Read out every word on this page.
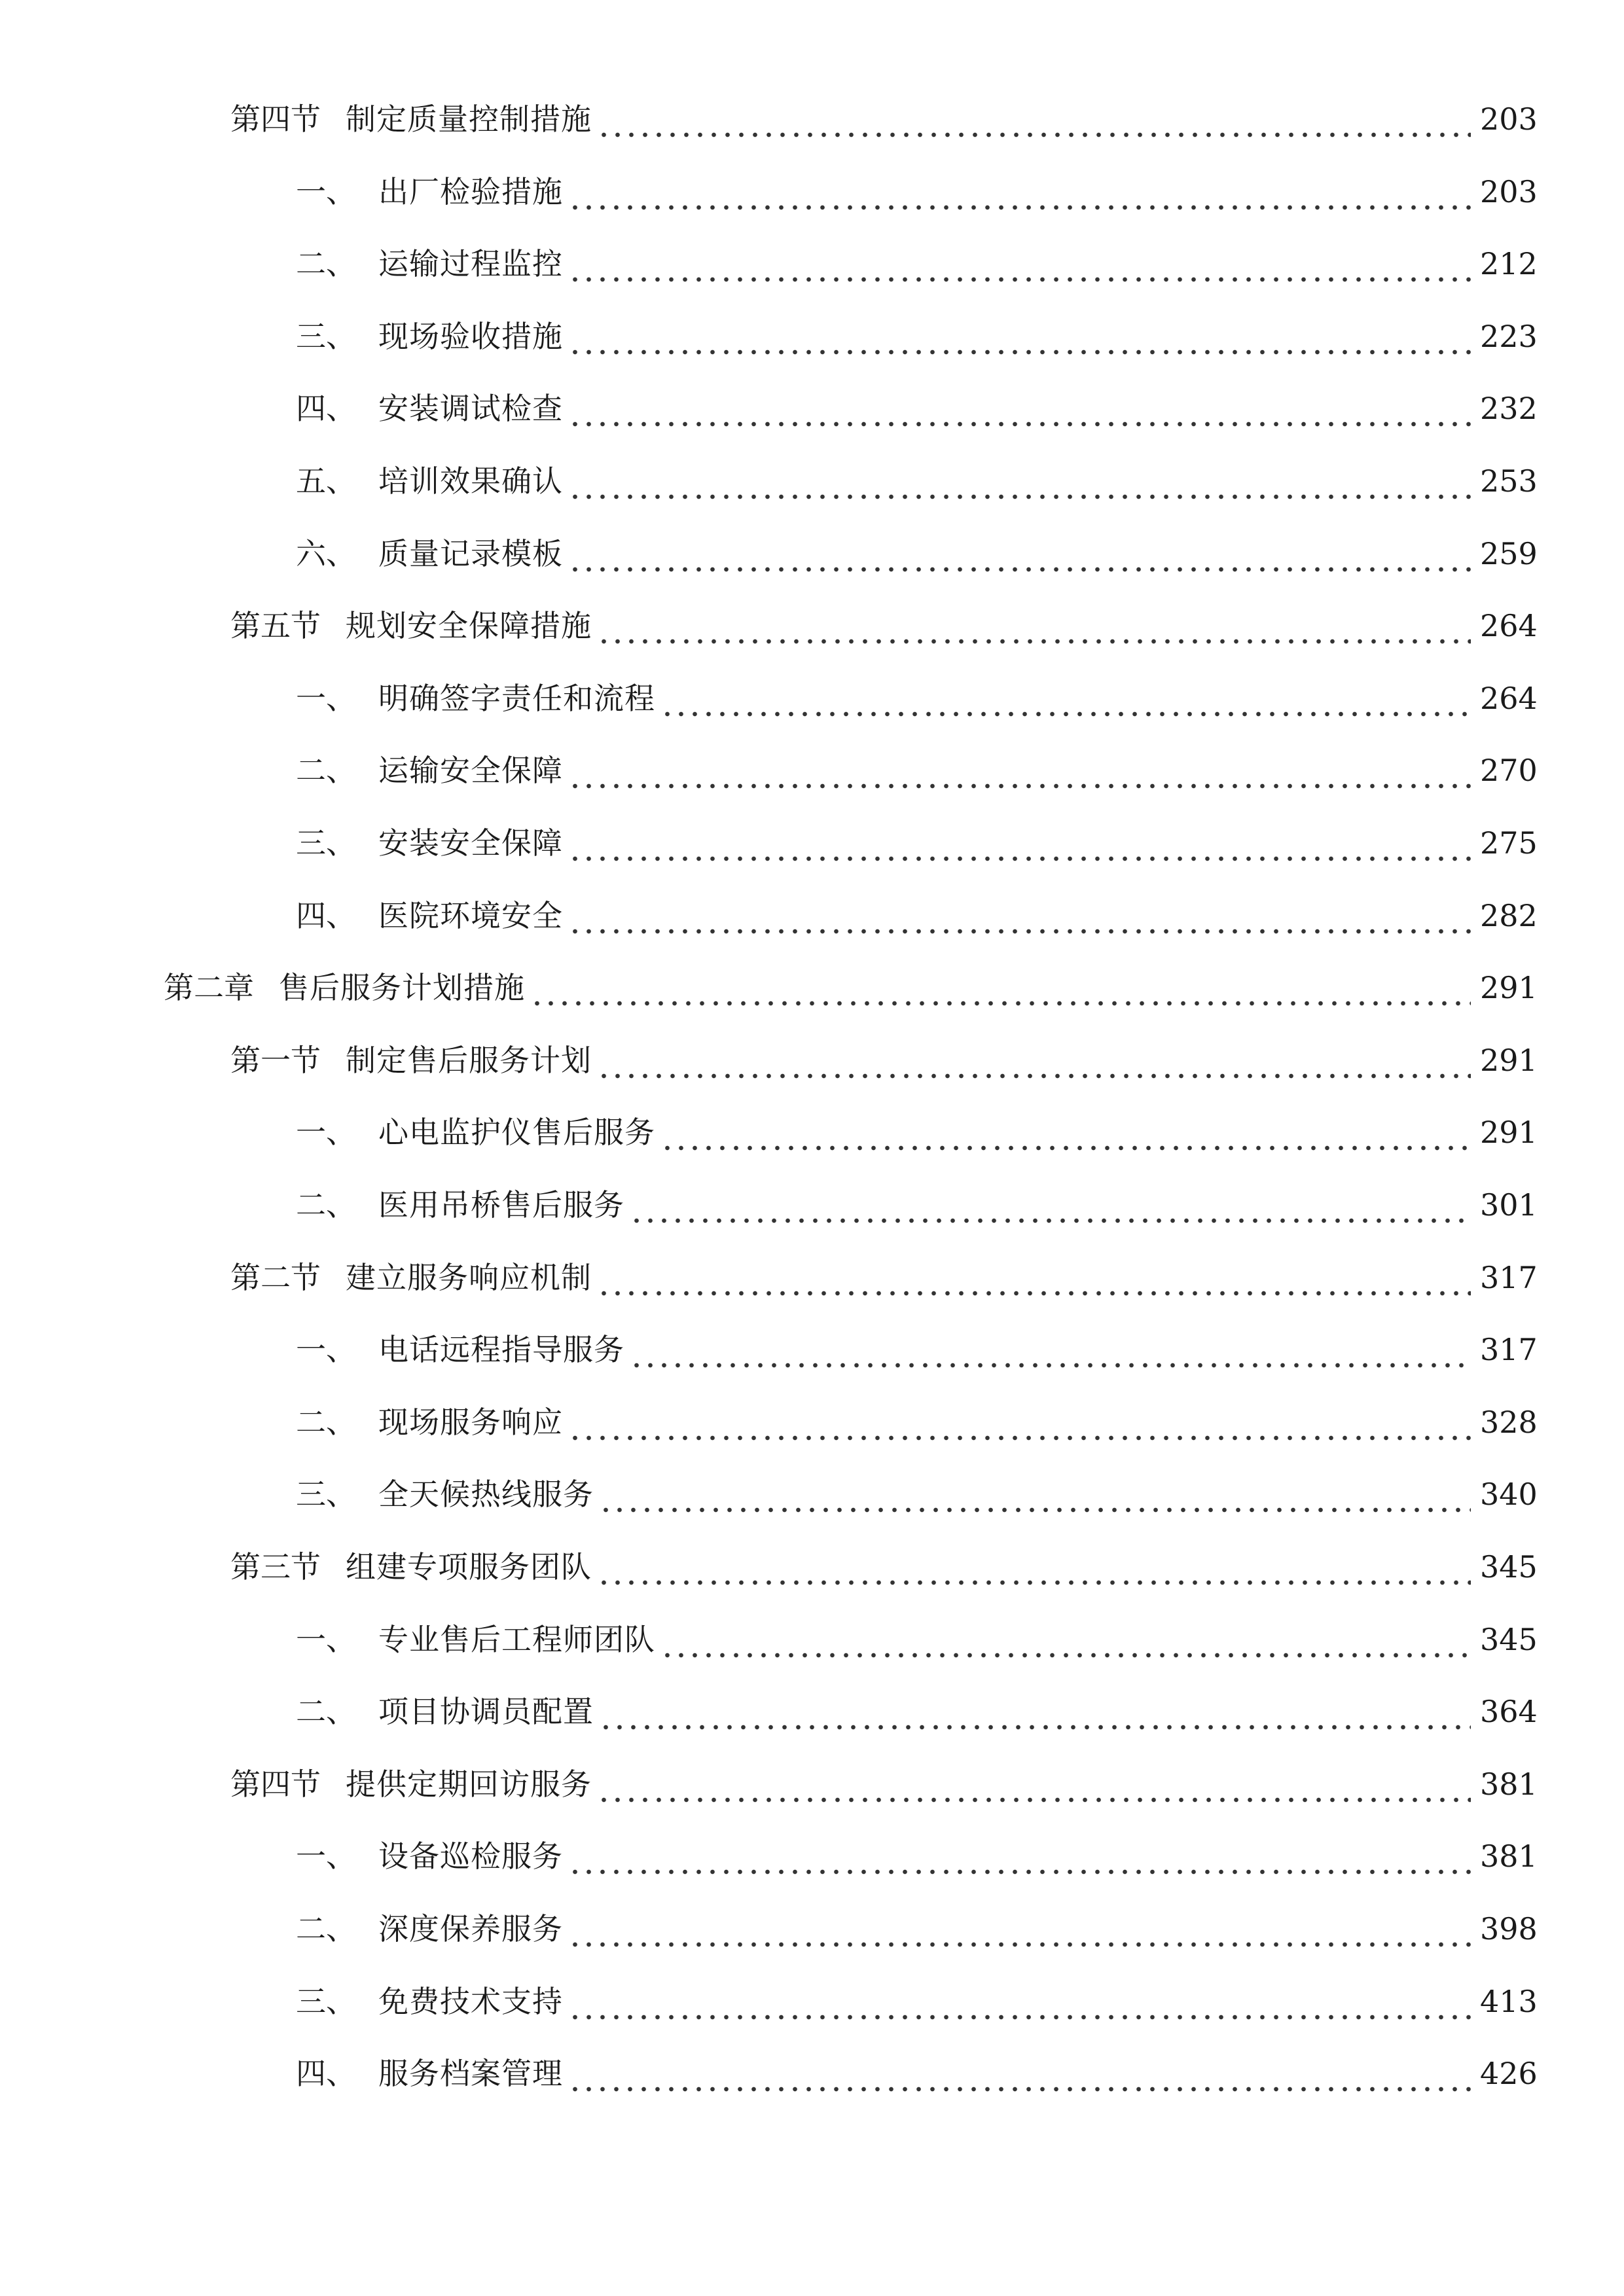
第四节 制定质量控制措施	203
一、 出厂检验措施	203
二、 运输过程监控	212
三、 现场验收措施	223
四、 安装调试检查	232
五、 培训效果确认	253
六、 质量记录模板	259
第五节 规划安全保障措施	264
一、 明确签字责任和流程	264
二、 运输安全保障	270
三、 安装安全保障	275
四、 医院环境安全	282
第二章 售后服务计划措施	291
第一节 制定售后服务计划	291
一、 心电监护仪售后服务	291
二、 医用吊桥售后服务	301
第二节 建立服务响应机制	317
一、 电话远程指导服务	317
二、 现场服务响应	328
三、 全天候热线服务	340
第三节 组建专项服务团队	345
一、 专业售后工程师团队	345
二、 项目协调员配置	364
第四节 提供定期回访服务	381
一、 设备巡检服务	381
二、 深度保养服务	398
三、 免费技术支持	413
四、 服务档案管理	426
